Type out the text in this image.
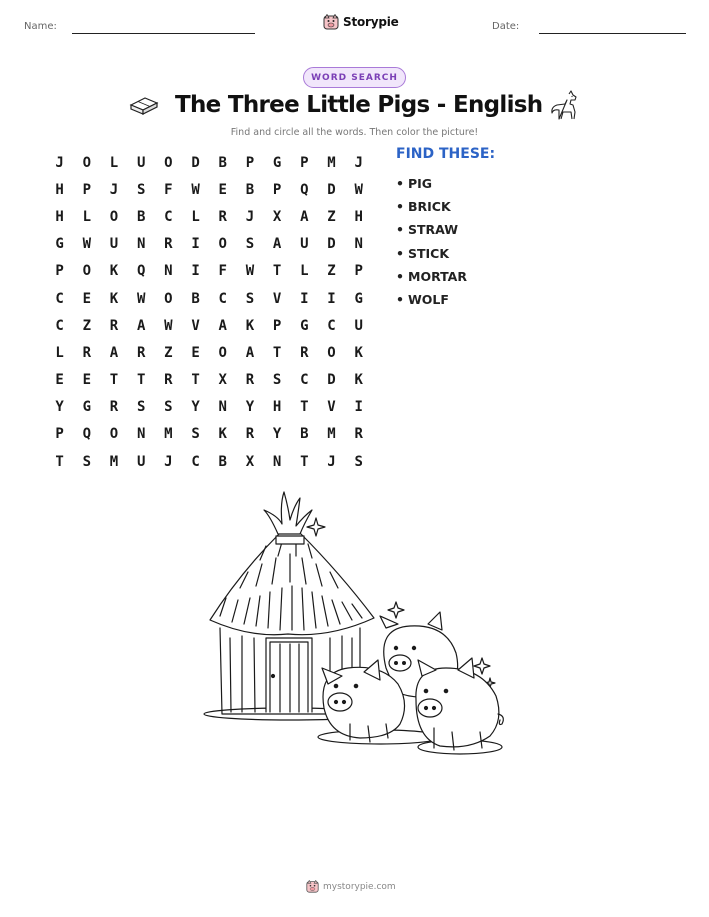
Name:	Storypie	Date:
WORD SEARCH
The Three Little Pigs - English
Find and circle all the words. Then color the picture!
J	O	L	U	O	D	B	P	G	P	M	J
H	P	J	S	F	W	E	B	P	Q	D	W
H	L	O	B	C	L	R	J	X	A	Z	H
G	W	U	N	R	I	O	S	A	U	D	N
P	O	K	Q	N	I	F	W	T	L	Z	P
C	E	K	W	O	B	C	S	V	I	I	G
C	Z	R	A	W	V	A	K	P	G	C	U
L	R	A	R	Z	E	O	A	T	R	O	K
E	E	T	T	R	T	X	R	S	C	D	K
Y	G	R	S	S	Y	N	Y	H	T	V	I
P	Q	O	N	M	S	K	R	Y	B	M	R
T	S	M	U	J	C	B	X	N	T	J	S
FIND THESE:
• PIG
• BRICK
• STRAW
• STICK
• MORTAR
• WOLF
mystorypie.com
